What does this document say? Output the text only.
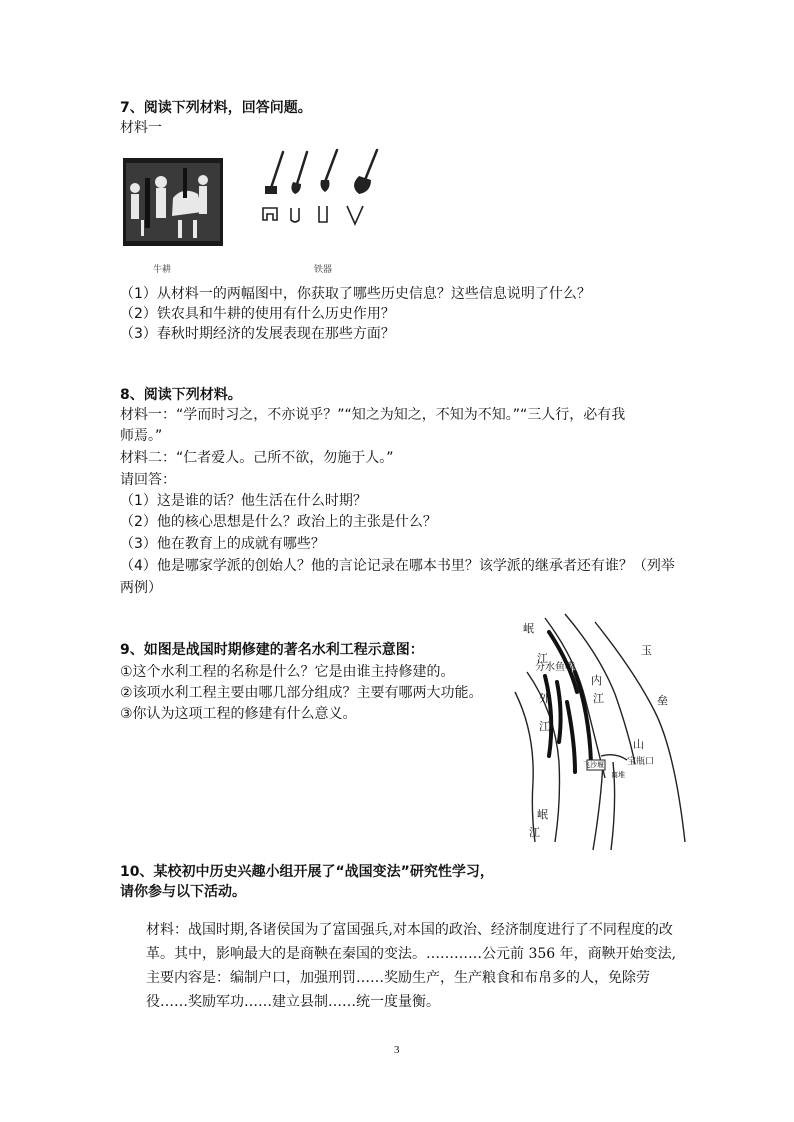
7、阅读下列材料，回答问题。
材料一
牛耕	铁器
（1）从材料一的两幅图中，你获取了哪些历史信息？这些信息说明了什么？
（2）铁农具和牛耕的使用有什么历史作用？
（3）春秋时期经济的发展表现在那些方面？
8、阅读下列材料。
材料一：“学而时习之，不亦说乎？”“知之为知之，不知为不知。”“三人行，必有我
师焉。”
材料二：“仁者爱人。己所不欲，勿施于人。”
请回答：
（1）这是谁的话？他生活在什么时期？
（2）他的核心思想是什么？政治上的主张是什么？
（3）他在教育上的成就有哪些？
（4）他是哪家学派的创始人？他的言论记录在哪本书里？该学派的继承者还有谁？（列举
两例）
9、如图是战国时期修建的著名水利工程示意图：
①这个水利工程的名称是什么？它是由谁主持修建的。
②该项水利工程主要由哪几部分组成？主要有哪两大功能。
③你认为这项工程的修建有什么意义。
岷
江
分水鱼嘴
内
江
外
江
玉
垒
山
宝瓶口
飞沙堰
离堆
岷
江
10、某校初中历史兴趣小组开展了“战国变法”研究性学习，
请你参与以下活动。
材料：战国时期,各诸侯国为了富国强兵,对本国的政治、经济制度进行了不同程度的改
革。其中，影响最大的是商鞅在秦国的变法。…………公元前 356 年，商鞅开始变法,
主要内容是：编制户口，加强刑罚……奖励生产，生产粮食和布帛多的人，免除劳
役……奖励军功……建立县制……统一度量衡。
3
